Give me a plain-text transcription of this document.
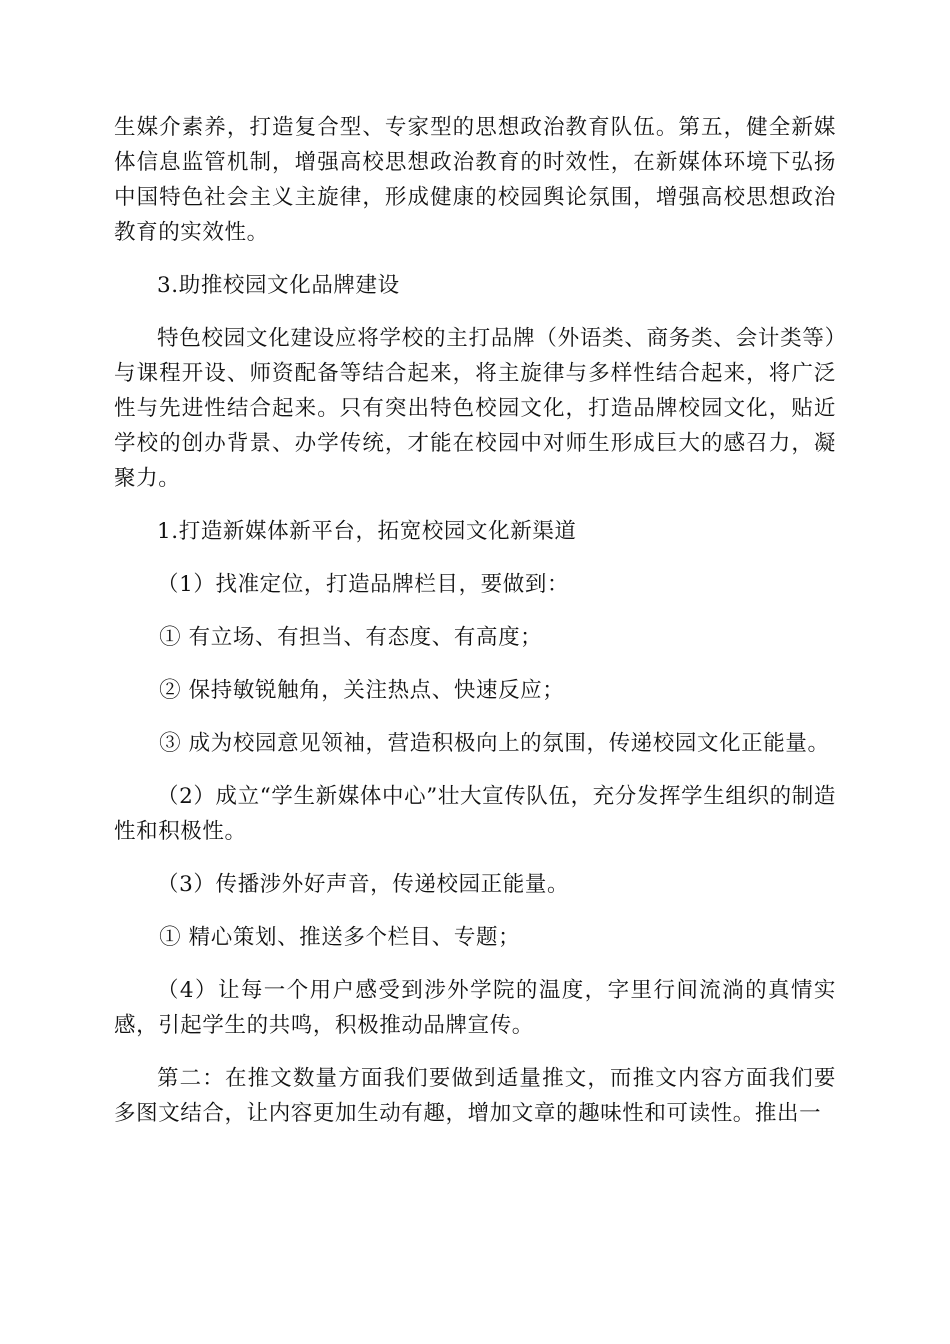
生媒介素养，打造复合型、专家型的思想政治教育队伍。第五，健全新媒体信息监管机制，增强高校思想政治教育的时效性，在新媒体环境下弘扬中国特色社会主义主旋律，形成健康的校园舆论氛围，增强高校思想政治教育的实效性。

3.助推校园文化品牌建设

特色校园文化建设应将学校的主打品牌（外语类、商务类、会计类等）与课程开设、师资配备等结合起来，将主旋律与多样性结合起来，将广泛性与先进性结合起来。只有突出特色校园文化，打造品牌校园文化，贴近学校的创办背景、办学传统，才能在校园中对师生形成巨大的感召力，凝聚力。

1.打造新媒体新平台，拓宽校园文化新渠道

（1）找准定位，打造品牌栏目，要做到：

① 有立场、有担当、有态度、有高度；

② 保持敏锐触角，关注热点、快速反应；

③ 成为校园意见领袖，营造积极向上的氛围，传递校园文化正能量。

（2）成立“学生新媒体中心”壮大宣传队伍，充分发挥学生组织的制造性和积极性。

（3）传播涉外好声音，传递校园正能量。

① 精心策划、推送多个栏目、专题；

（4）让每一个用户感受到涉外学院的温度，字里行间流淌的真情实感，引起学生的共鸣，积极推动品牌宣传。

第二：在推文数量方面我们要做到适量推文，而推文内容方面我们要多图文结合，让内容更加生动有趣，增加文章的趣味性和可读性。推出一
